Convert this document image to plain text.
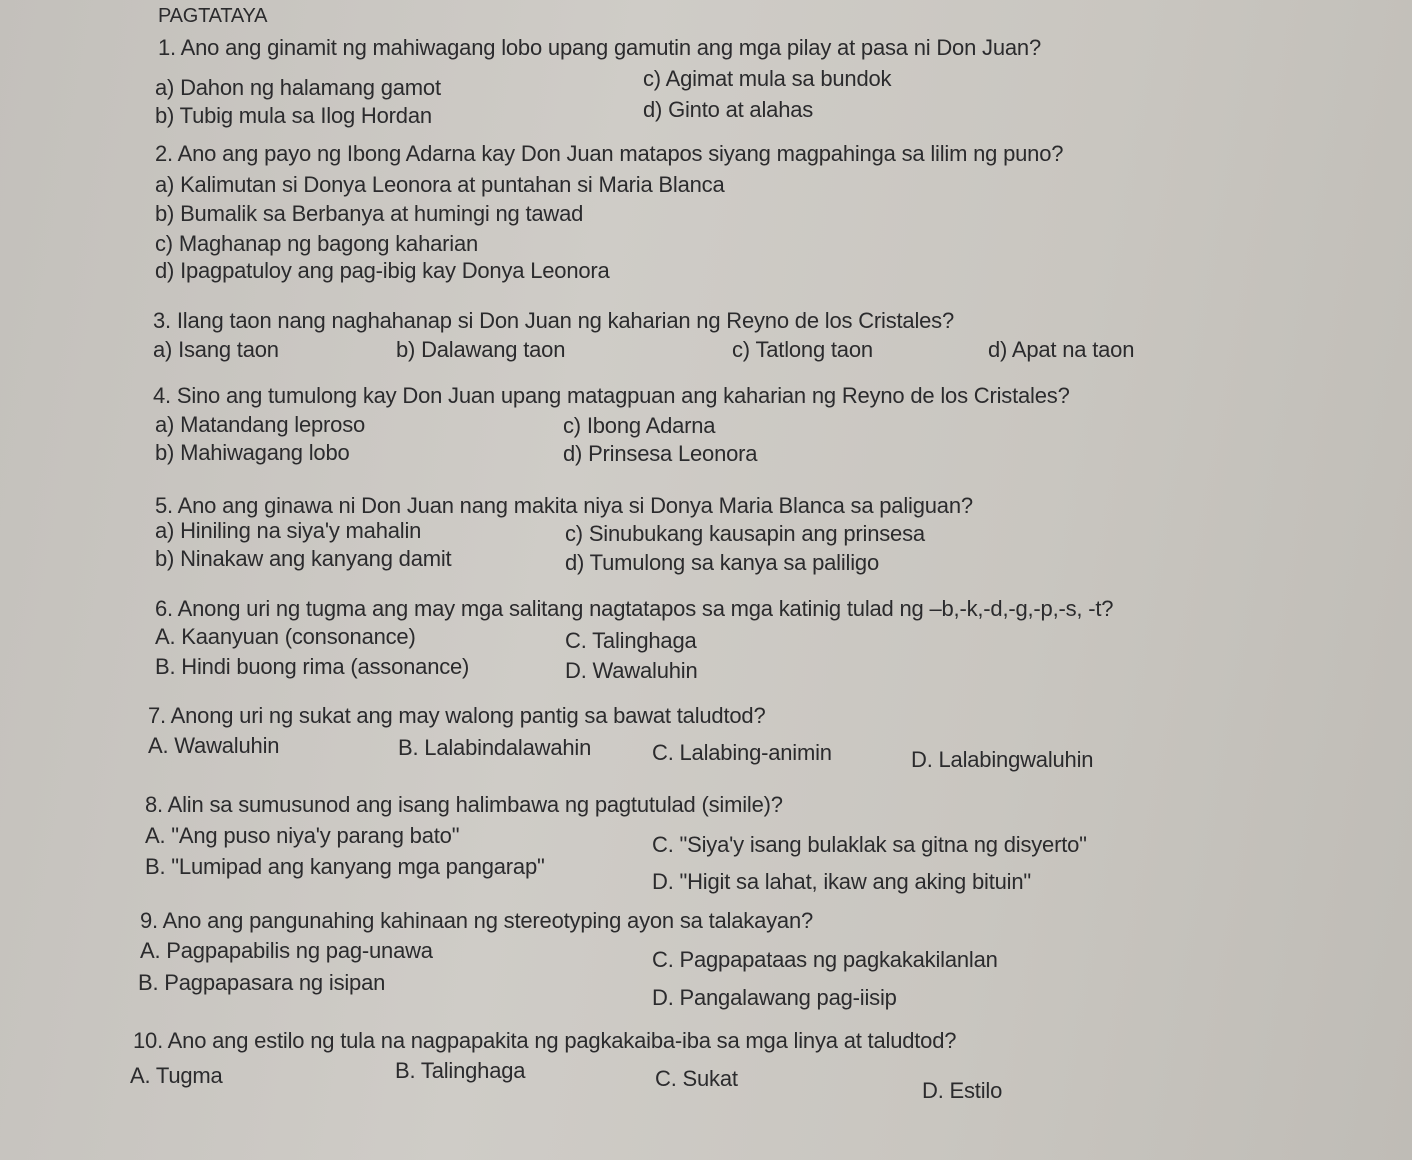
PAGTATAYA
1. Ano ang ginamit ng mahiwagang lobo upang gamutin ang mga pilay at pasa ni Don Juan?
a) Dahon ng halamang gamot
b) Tubig mula sa Ilog Hordan
c) Agimat mula sa bundok
d) Ginto at alahas
2. Ano ang payo ng Ibong Adarna kay Don Juan matapos siyang magpahinga sa lilim ng puno?
a) Kalimutan si Donya Leonora at puntahan si Maria Blanca
b) Bumalik sa Berbanya at humingi ng tawad
c) Maghanap ng bagong kaharian
d) Ipagpatuloy ang pag-ibig kay Donya Leonora
3. Ilang taon nang naghahanap si Don Juan ng kaharian ng Reyno de los Cristales?
a) Isang taon	b) Dalawang taon	c) Tatlong taon	d) Apat na taon
4. Sino ang tumulong kay Don Juan upang matagpuan ang kaharian ng Reyno de los Cristales?
a) Matandang leproso
b) Mahiwagang lobo
c) Ibong Adarna
d) Prinsesa Leonora
5. Ano ang ginawa ni Don Juan nang makita niya si Donya Maria Blanca sa paliguan?
a) Hiniling na siya'y mahalin
b) Ninakaw ang kanyang damit
c) Sinubukang kausapin ang prinsesa
d) Tumulong sa kanya sa paliligo
6. Anong uri ng tugma ang may mga salitang nagtatapos sa mga katinig tulad ng –b,-k,-d,-g,-p,-s, -t?
A. Kaanyuan (consonance)
B. Hindi buong rima (assonance)
C. Talinghaga
D. Wawaluhin
7. Anong uri ng sukat ang may walong pantig sa bawat taludtod?
A. Wawaluhin	B. Lalabindalawahin	C. Lalabing-animin	D. Lalabingwaluhin
8. Alin sa sumusunod ang isang halimbawa ng pagtutulad (simile)?
A. "Ang puso niya'y parang bato"
B. "Lumipad ang kanyang mga pangarap"
C. "Siya'y isang bulaklak sa gitna ng disyerto"
D. "Higit sa lahat, ikaw ang aking bituin"
9. Ano ang pangunahing kahinaan ng stereotyping ayon sa talakayan?
A. Pagpapabilis ng pag-unawa
B. Pagpapasara ng isipan
C. Pagpapataas ng pagkakakilanlan
D. Pangalawang pag-iisip
10. Ano ang estilo ng tula na nagpapakita ng pagkakaiba-iba sa mga linya at taludtod?
A. Tugma	B. Talinghaga	C. Sukat	D. Estilo
